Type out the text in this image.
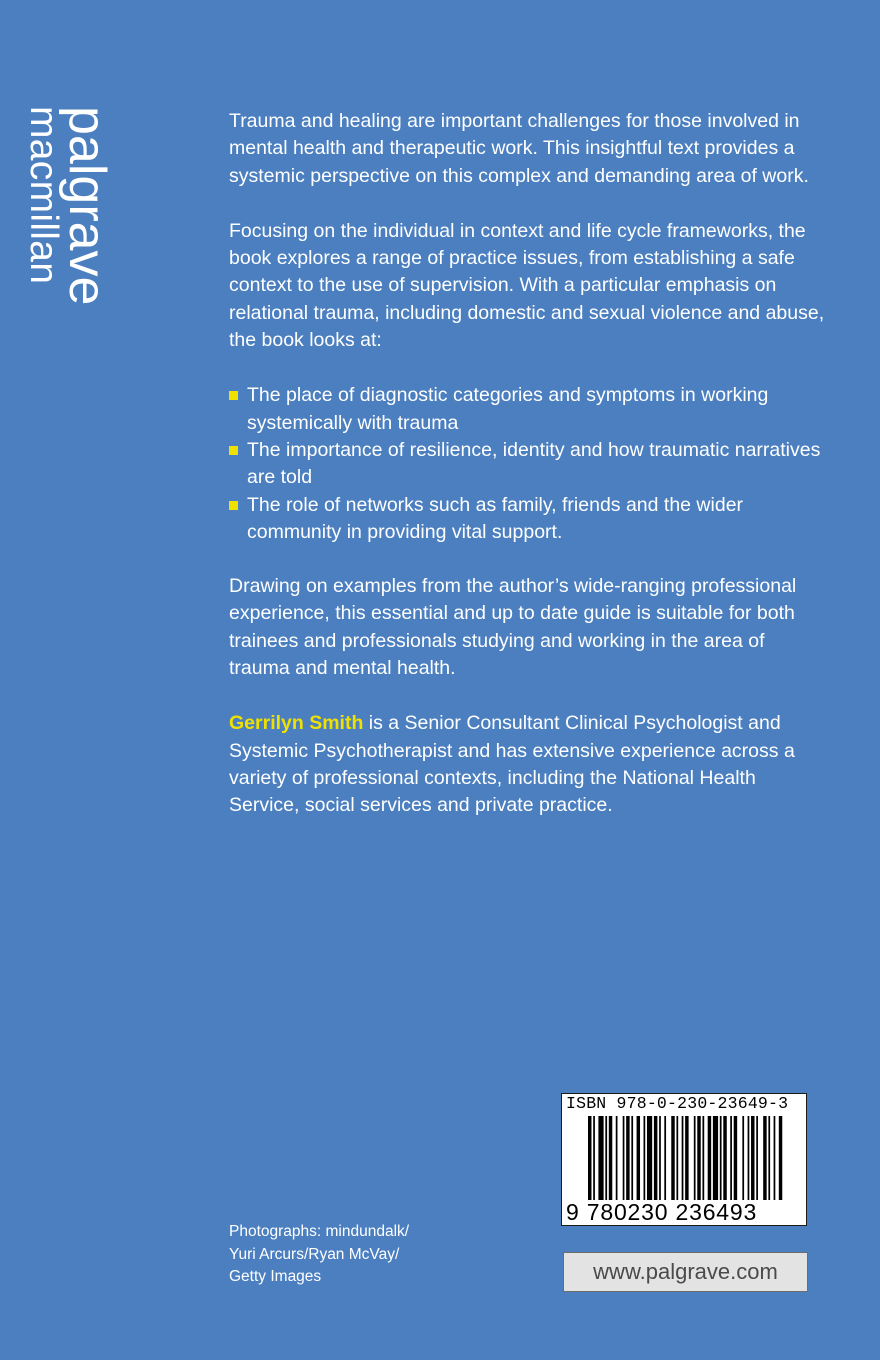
palgrave
macmillan	Trauma and healing are important challenges for those involved in mental health and therapeutic work. This insightful text provides a systemic perspective on this complex and demanding area of work.

Focusing on the individual in context and life cycle frameworks, the book explores a range of practice issues, from establishing a safe context to the use of supervision. With a particular emphasis on relational trauma, including domestic and sexual violence and abuse, the book looks at:

The place of diagnostic categories and symptoms in working systemically with trauma
The importance of resilience, identity and how traumatic narratives are told
The role of networks such as family, friends and the wider community in providing vital support.

Drawing on examples from the author’s wide-ranging professional experience, this essential and up to date guide is suitable for both trainees and professionals studying and working in the area of trauma and mental health.

Gerrilyn Smith is a Senior Consultant Clinical Psychologist and Systemic Psychotherapist and has extensive experience across a variety of professional contexts, including the National Health Service, social services and private practice.

Photographs: mindundalk/
Yuri Arcurs/Ryan McVay/
Getty Images
ISBN 978-0-230-23649-3
9 780230 236493
www.palgrave.com
